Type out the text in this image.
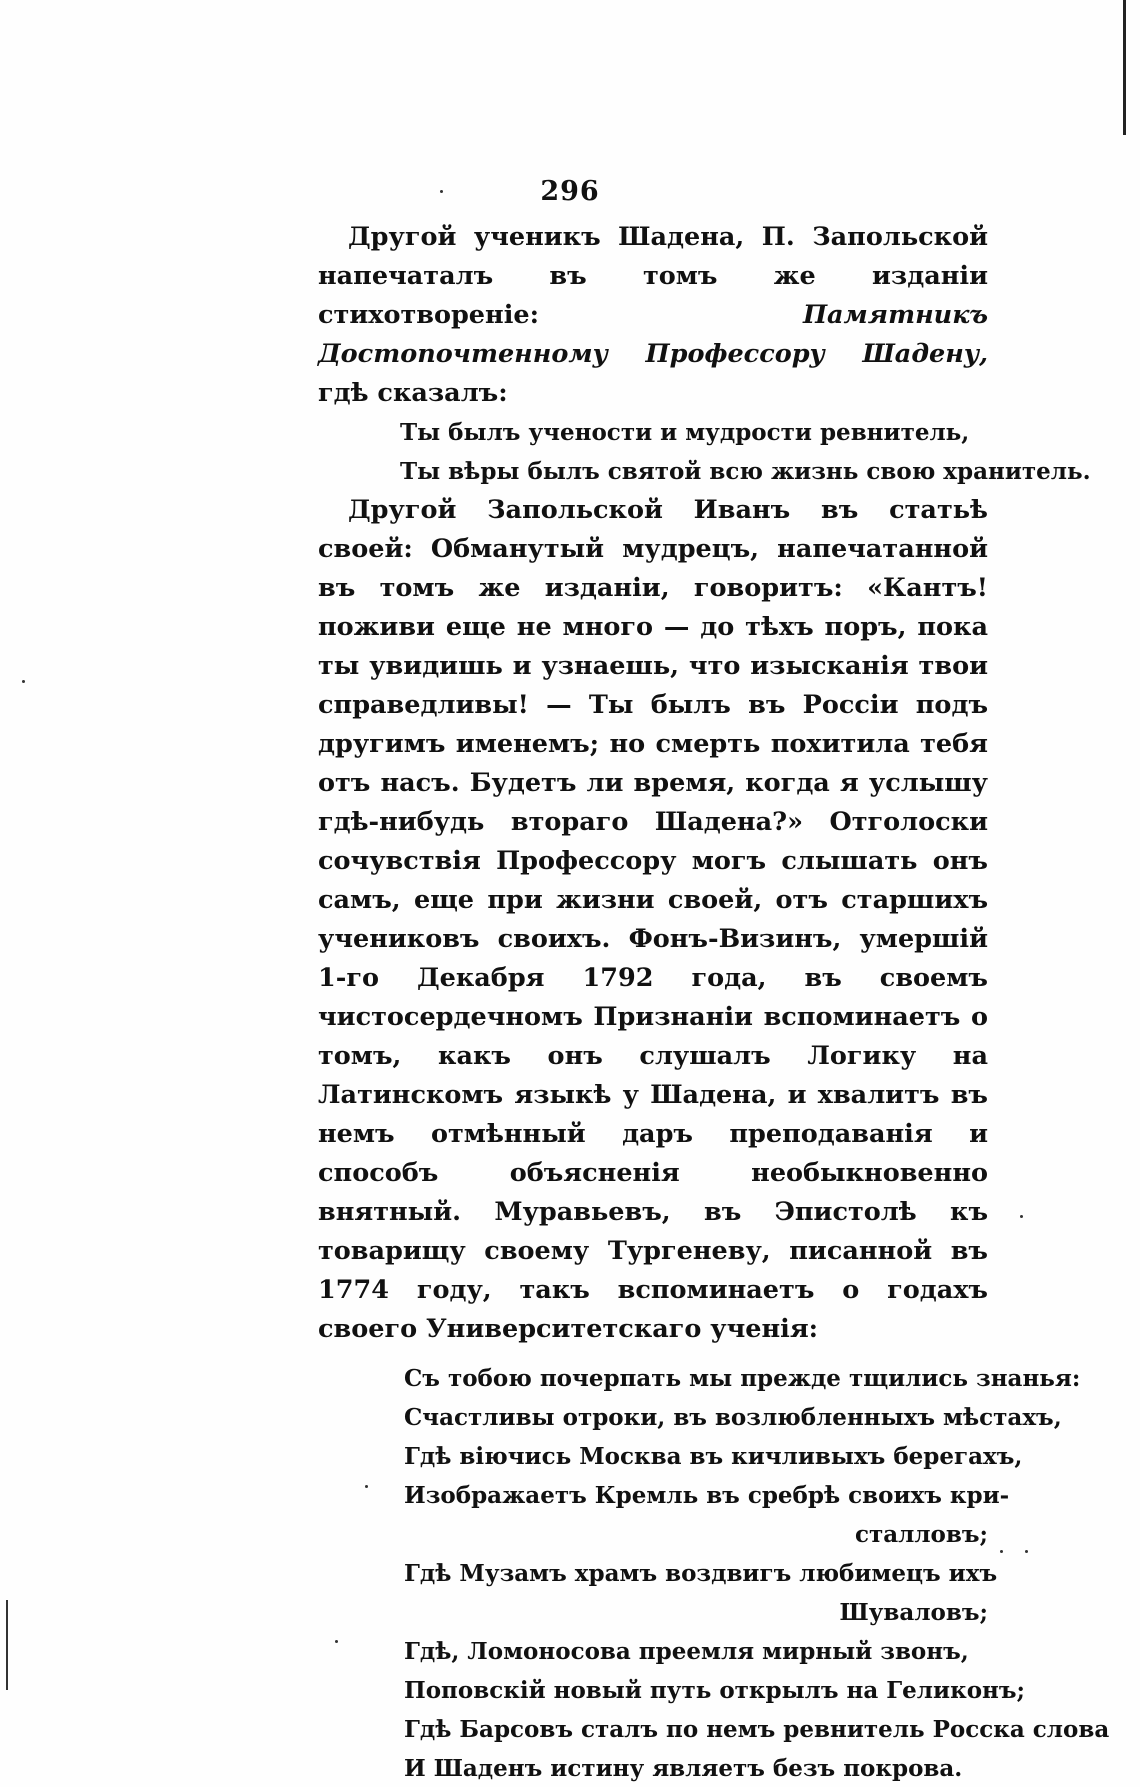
296

Другой ученикъ Шадена, П. Запольской напечаталъ въ томъ же изданіи стихотвореніе: Памятникъ Достопочтенному Профессору Шадену, гдѣ сказалъ:

Ты былъ учености и мудрости ревнитель,
Ты вѣры былъ святой всю жизнь свою хранитель.

Другой Запольской Иванъ въ статьѣ своей: Обманутый мудрецъ, напечатанной въ томъ же изданіи, говоритъ: «Кантъ! поживи еще не много — до тѣхъ поръ, пока ты увидишь и узнаешь, что изысканія твои справедливы! — Ты былъ въ Россіи подъ другимъ именемъ; но смерть похитила тебя отъ насъ. Будетъ ли время, когда я услышу гдѣ-нибудь втораго Шадена?» Отголоски сочувствія Профессору могъ слышать онъ самъ, еще при жизни своей, отъ старшихъ учениковъ своихъ. Фонъ-Визинъ, умершій 1-го Декабря 1792 года, въ своемъ чистосердечномъ Признаніи вспоминаетъ о томъ, какъ онъ слушалъ Логику на Латинскомъ языкѣ у Шадена, и хвалитъ въ немъ отмѣнный даръ преподаванія и способъ объясненія необыкновенно внятный. Муравьевъ, въ Эпистолѣ къ товарищу своему Тургеневу, писанной въ 1774 году, такъ вспоминаетъ о годахъ своего Университетскаго ученія:

Съ тобою почерпать мы прежде тщились знанья:
Счастливы отроки, въ возлюбленныхъ мѣстахъ,
Гдѣ віючись Москва въ кичливыхъ берегахъ,
Изображаетъ Кремль въ сребрѣ своихъ кри-
сталловъ;
Гдѣ Музамъ храмъ воздвигъ любимецъ ихъ
Шуваловъ;
Гдѣ, Ломоносова преемля мирный звонъ,
Поповскій новый путь открылъ на Геликонъ;
Гдѣ Барсовъ сталъ по немъ ревнитель Росска слова
И Шаденъ истину являетъ безъ покрова.
